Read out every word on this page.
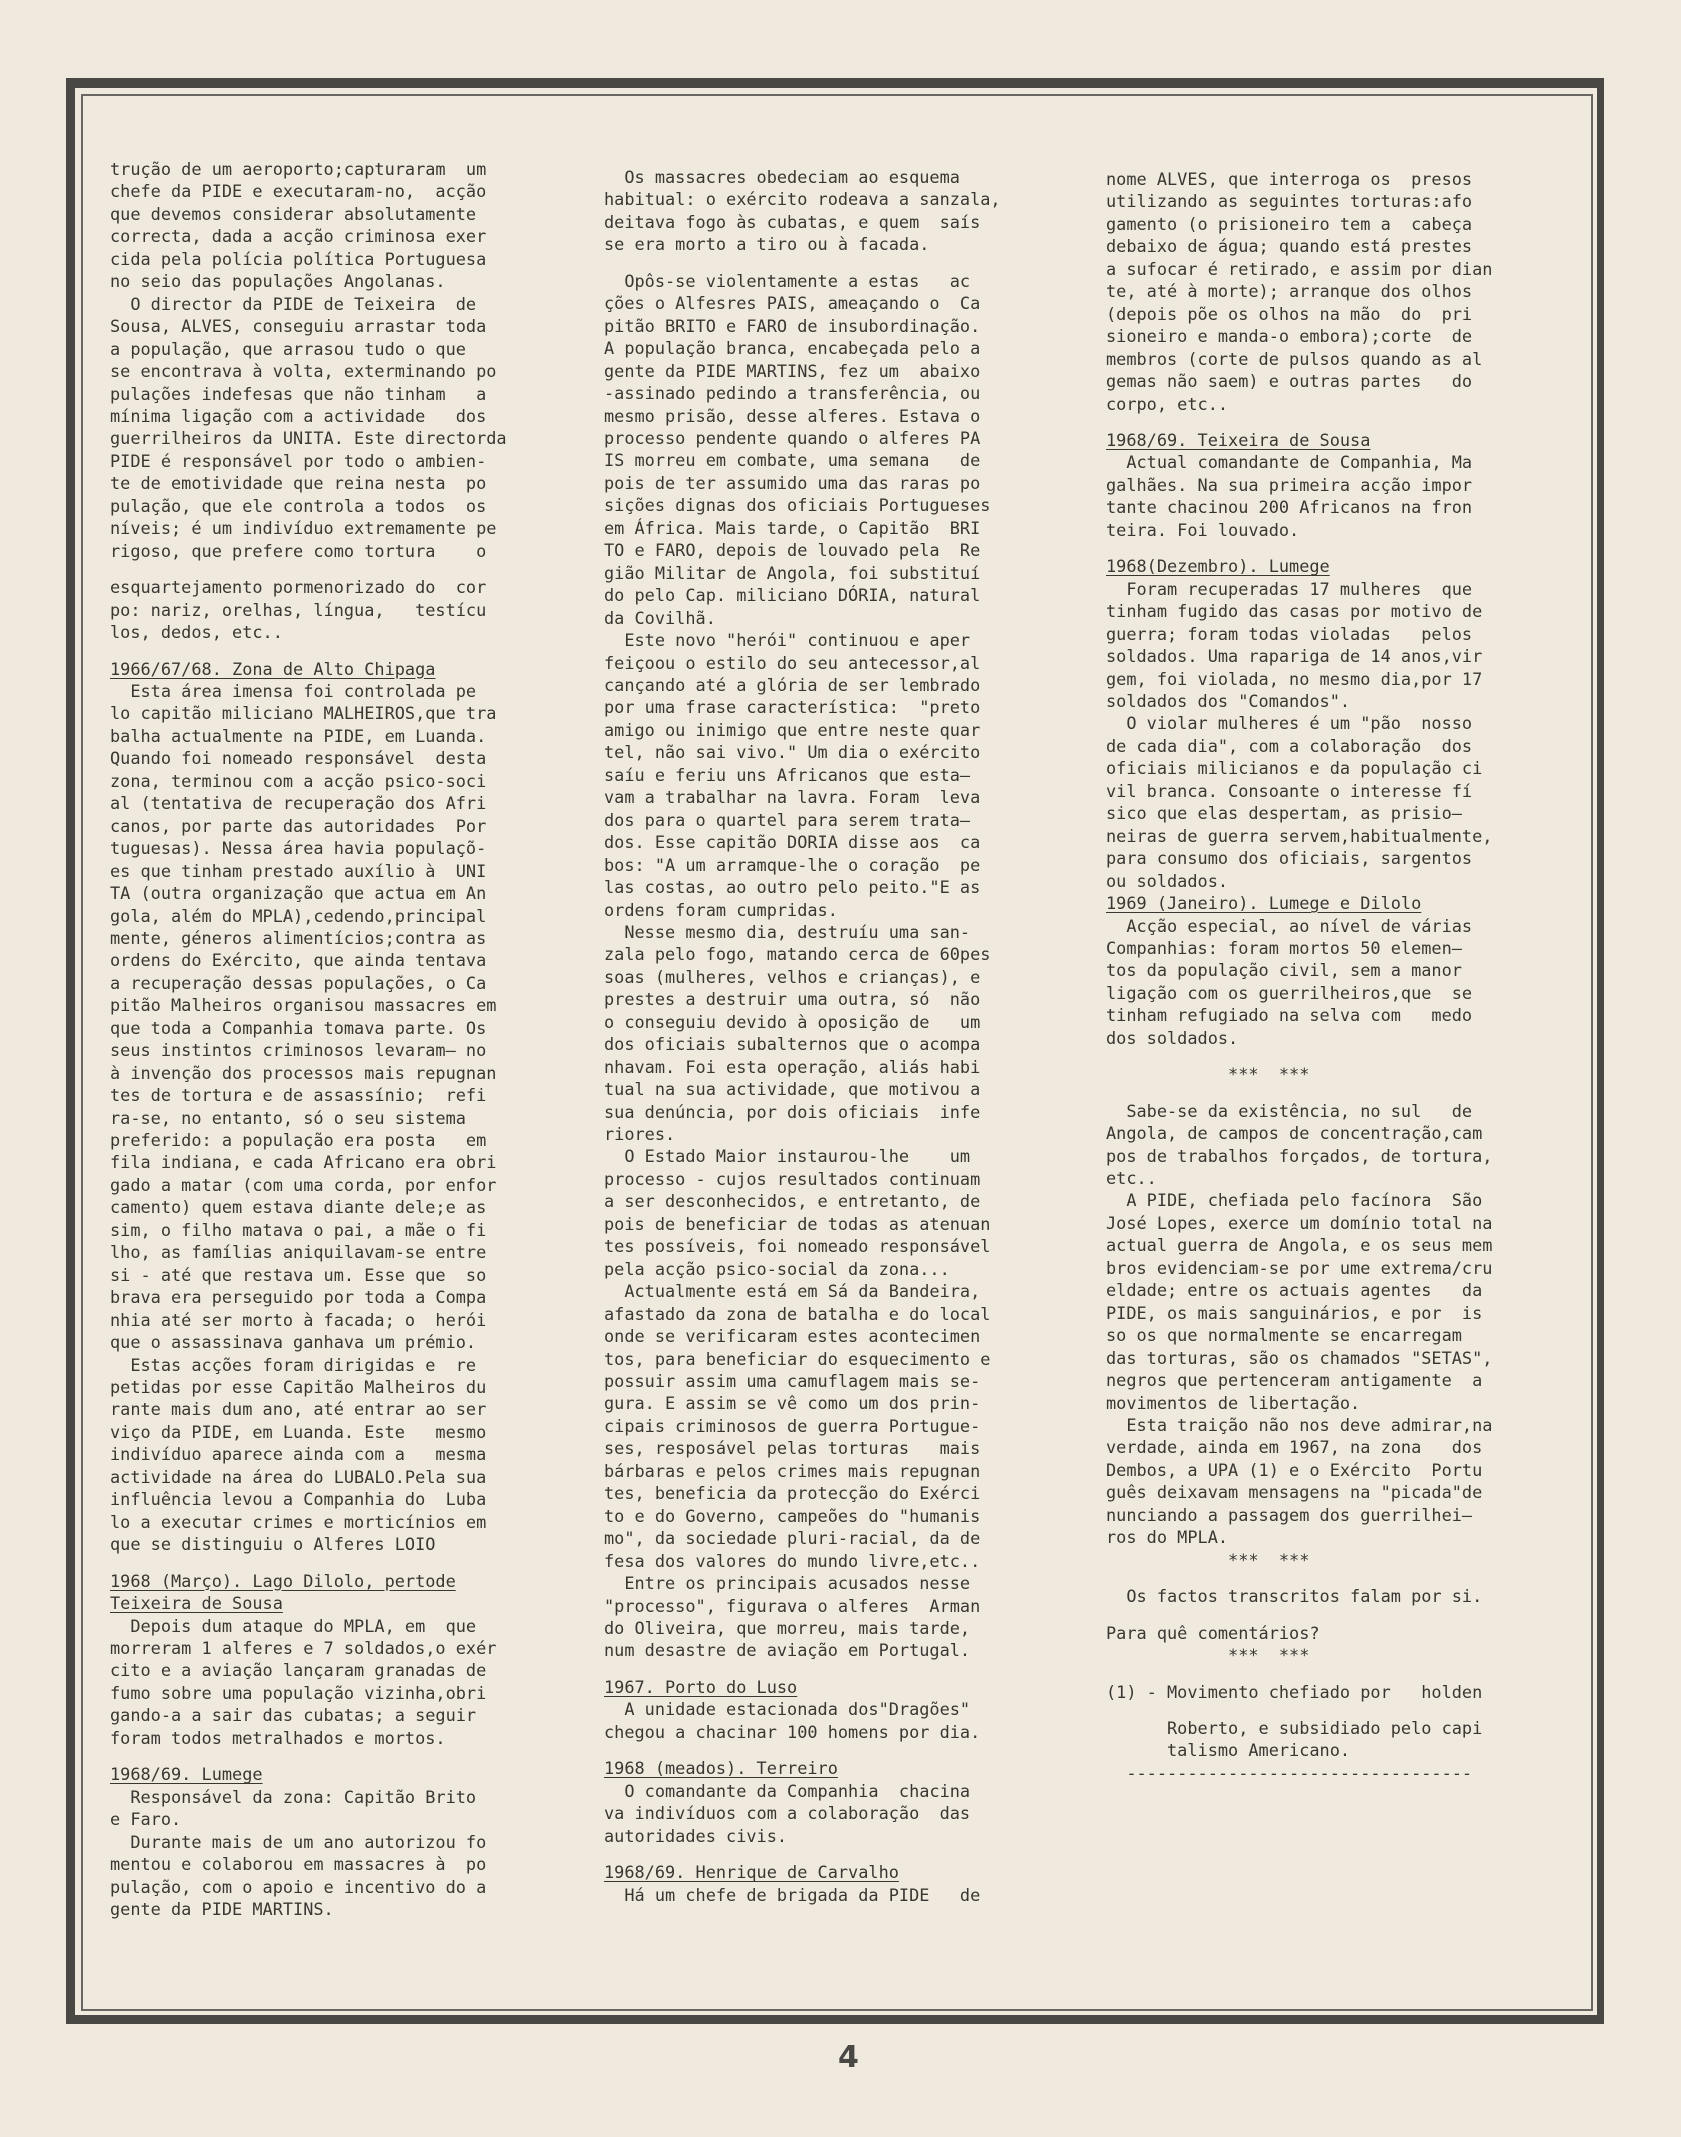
trução de um aeroporto;capturaram  um

chefe da PIDE e executaram-no,  acção

que devemos considerar absolutamente

correcta, dada a acção criminosa exer

cida pela polícia política Portuguesa

no seio das populações Angolanas.

O director da PIDE de Teixeira  de

Sousa, ALVES, conseguiu arrastar toda

a população, que arrasou tudo o que

se encontrava à volta, exterminando po

pulações indefesas que não tinham   a

mínima ligação com a actividade   dos

guerrilheiros da UNITA. Este directorda

PIDE é responsável por todo o ambien-

te de emotividade que reina nesta  po

pulação, que ele controla a todos  os

níveis; é um indivíduo extremamente pe

rigoso, que prefere como tortura    o

esquartejamento pormenorizado do  cor

po: nariz, orelhas, língua,   testícu

los, dedos, etc..

1966/67/68. Zona de Alto Chipaga

Esta área imensa foi controlada pe

lo capitão miliciano MALHEIROS,que tra

balha actualmente na PIDE, em Luanda.

Quando foi nomeado responsável  desta

zona, terminou com a acção psico-soci

al (tentativa de recuperação dos Afri

canos, por parte das autoridades  Por

tuguesas). Nessa área havia populaçõ-

es que tinham prestado auxílio à  UNI

TA (outra organização que actua em An

gola, além do MPLA),cedendo,principal

mente, géneros alimentícios;contra as

ordens do Exército, que ainda tentava

a recuperação dessas populações, o Ca

pitão Malheiros organisou massacres em

que toda a Companhia tomava parte. Os

seus instintos criminosos levaram— no

à invenção dos processos mais repugnan

tes de tortura e de assassínio;  refi

ra-se, no entanto, só o seu sistema

preferido: a população era posta   em

fila indiana, e cada Africano era obri

gado a matar (com uma corda, por enfor

camento) quem estava diante dele;e as

sim, o filho matava o pai, a mãe o fi

lho, as famílias aniquilavam-se entre

si - até que restava um. Esse que  so

brava era perseguido por toda a Compa

nhia até ser morto à facada; o  herói

que o assassinava ganhava um prémio.

Estas acções foram dirigidas e  re

petidas por esse Capitão Malheiros du

rante mais dum ano, até entrar ao ser

viço da PIDE, em Luanda. Este   mesmo

indivíduo aparece ainda com a   mesma

actividade na área do LUBALO.Pela sua

influência levou a Companhia do  Luba

lo a executar crimes e morticínios em

que se distinguiu o Alferes LOIO

1968 (Março). Lago Dilolo, pertode

Teixeira de Sousa

Depois dum ataque do MPLA, em  que

morreram 1 alferes e 7 soldados,o exér

cito e a aviação lançaram granadas de

fumo sobre uma população vizinha,obri

gando-a a sair das cubatas; a seguir

foram todos metralhados e mortos.

1968/69. Lumege

Responsável da zona: Capitão Brito

e Faro.

Durante mais de um ano autorizou fo

mentou e colaborou em massacres à  po

pulação, com o apoio e incentivo do a

gente da PIDE MARTINS.

Os massacres obedeciam ao esquema

habitual: o exército rodeava a sanzala,

deitava fogo às cubatas, e quem  saís

se era morto a tiro ou à facada.

Opôs-se violentamente a estas   ac

ções o Alfesres PAIS, ameaçando o  Ca

pitão BRITO e FARO de insubordinação.

A população branca, encabeçada pelo a

gente da PIDE MARTINS, fez um  abaixo

-assinado pedindo a transferência, ou

mesmo prisão, desse alferes. Estava o

processo pendente quando o alferes PA

IS morreu em combate, uma semana   de

pois de ter assumido uma das raras po

sições dignas dos oficiais Portugueses

em África. Mais tarde, o Capitão  BRI

TO e FARO, depois de louvado pela  Re

gião Militar de Angola, foi substituí

do pelo Cap. miliciano DÓRIA, natural

da Covilhã.

Este novo "herói" continuou e aper

feiçoou o estilo do seu antecessor,al

cançando até a glória de ser lembrado

por uma frase característica:  "preto

amigo ou inimigo que entre neste quar

tel, não sai vivo." Um dia o exército

saíu e feriu uns Africanos que esta—

vam a trabalhar na lavra. Foram  leva

dos para o quartel para serem trata—

dos. Esse capitão DORIA disse aos  ca

bos: "A um arramque-lhe o coração  pe

las costas, ao outro pelo peito."E as

ordens foram cumpridas.

Nesse mesmo dia, destruíu uma san-

zala pelo fogo, matando cerca de 60pes

soas (mulheres, velhos e crianças), e

prestes a destruir uma outra, só  não

o conseguiu devido à oposição de   um

dos oficiais subalternos que o acompa

nhavam. Foi esta operação, aliás habi

tual na sua actividade, que motivou a

sua denúncia, por dois oficiais  infe

riores.

O Estado Maior instaurou-lhe    um

processo - cujos resultados continuam

a ser desconhecidos, e entretanto, de

pois de beneficiar de todas as atenuan

tes possíveis, foi nomeado responsável

pela acção psico-social da zona...

Actualmente está em Sá da Bandeira,

afastado da zona de batalha e do local

onde se verificaram estes acontecimen

tos, para beneficiar do esquecimento e

possuir assim uma camuflagem mais se-

gura. E assim se vê como um dos prin-

cipais criminosos de guerra Portugue-

ses, resposável pelas torturas   mais

bárbaras e pelos crimes mais repugnan

tes, beneficia da protecção do Exérci

to e do Governo, campeões do "humanis

mo", da sociedade pluri-racial, da de

fesa dos valores do mundo livre,etc..

Entre os principais acusados nesse

"processo", figurava o alferes  Arman

do Oliveira, que morreu, mais tarde,

num desastre de aviação em Portugal.

1967. Porto do Luso

A unidade estacionada dos"Dragões"

chegou a chacinar 100 homens por dia.

1968 (meados). Terreiro

O comandante da Companhia  chacina

va indivíduos com a colaboração  das

autoridades civis.

1968/69. Henrique de Carvalho

Há um chefe de brigada da PIDE   de

nome ALVES, que interroga os  presos

utilizando as seguintes torturas:afo

gamento (o prisioneiro tem a  cabeça

debaixo de água; quando está prestes

a sufocar é retirado, e assim por dian

te, até à morte); arranque dos olhos

(depois põe os olhos na mão  do  pri

sioneiro e manda-o embora);corte  de

membros (corte de pulsos quando as al

gemas não saem) e outras partes   do

corpo, etc..

1968/69. Teixeira de Sousa

Actual comandante de Companhia, Ma

galhães. Na sua primeira acção impor

tante chacinou 200 Africanos na fron

teira. Foi louvado.

1968(Dezembro). Lumege

Foram recuperadas 17 mulheres  que

tinham fugido das casas por motivo de

guerra; foram todas violadas   pelos

soldados. Uma rapariga de 14 anos,vir

gem, foi violada, no mesmo dia,por 17

soldados dos "Comandos".

O violar mulheres é um "pão  nosso

de cada dia", com a colaboração  dos

oficiais milicianos e da população ci

vil branca. Consoante o interesse fí

sico que elas despertam, as prisio—

neiras de guerra servem,habitualmente,

para consumo dos oficiais, sargentos

ou soldados.

1969 (Janeiro). Lumege e Dilolo

Acção especial, ao nível de várias

Companhias: foram mortos 50 elemen—

tos da população civil, sem a manor

ligação com os guerrilheiros,que  se

tinham refugiado na selva com   medo

dos soldados.

***  ***

Sabe-se da existência, no sul   de

Angola, de campos de concentração,cam

pos de trabalhos forçados, de tortura,

etc..

A PIDE, chefiada pelo facínora  São

José Lopes, exerce um domínio total na

actual guerra de Angola, e os seus mem

bros evidenciam-se por ume extrema/cru

eldade; entre os actuais agentes   da

PIDE, os mais sanguinários, e por  is

so os que normalmente se encarregam

das torturas, são os chamados "SETAS",

negros que pertenceram antigamente  a

movimentos de libertação.

Esta traição não nos deve admirar,na

verdade, ainda em 1967, na zona   dos

Dembos, a UPA (1) e o Exército  Portu

guês deixavam mensagens na "picada"de

nunciando a passagem dos guerrilhei—

ros do MPLA.

***  ***

Os factos transcritos falam por si.

Para quê comentários?

***  ***

(1) - Movimento chefiado por   holden

Roberto, e subsidiado pelo capi

talismo Americano.

----------------------------------

4
